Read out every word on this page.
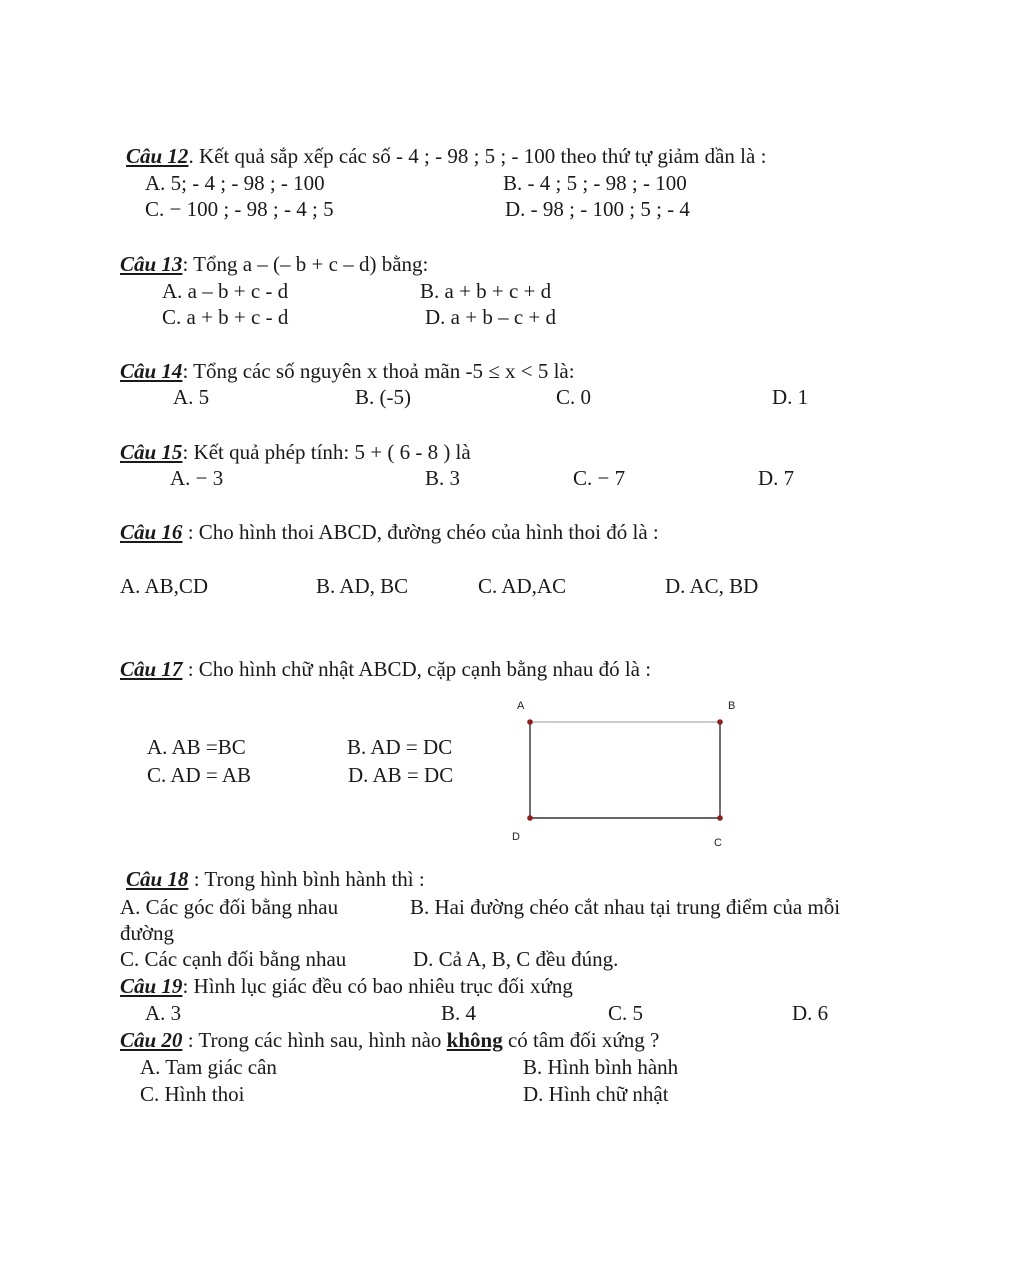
Câu 12. Kết quả sắp xếp các số - 4 ; - 98 ; 5 ; - 100 theo thứ tự giảm dần là :
A. 5; - 4 ; - 98 ; - 100	B. - 4 ; 5 ; - 98 ; - 100
C. − 100 ; - 98 ; - 4 ; 5	D. - 98 ; - 100 ; 5 ; - 4
Câu 13: Tổng a – (– b + c – d) bằng:
A. a – b + c - d	B. a + b + c + d
C. a + b + c - d	D. a + b – c + d
Câu 14: Tổng các số nguyên x thoả mãn -5 ≤ x < 5 là:
A. 5	B. (-5)	C. 0	D. 1
Câu 15: Kết quả phép tính: 5 + ( 6 - 8 ) là
A. − 3	B. 3	C. − 7	D. 7
Câu 16 : Cho hình thoi ABCD, đường chéo của hình thoi đó là :
A. AB,CD	B. AD, BC	C. AD,AC	D. AC, BD
Câu 17 : Cho hình chữ nhật ABCD, cặp cạnh bằng nhau đó là :
A. AB =BC	B. AD = DC
C. AD = AB	D. AB = DC
A	B
C
D
Câu 18 : Trong hình bình hành thì :
A. Các góc đối bằng nhau	B. Hai đường chéo cắt nhau tại trung điểm của mỗi
đường
C. Các cạnh đối bằng nhau	D. Cả A, B, C đều đúng.
Câu 19: Hình lục giác đều có bao nhiêu trục đối xứng
A. 3	B. 4	C. 5	D. 6
Câu 20 : Trong các hình sau, hình nào không có tâm đối xứng ?
A. Tam giác cân	B. Hình bình hành
C. Hình thoi	D. Hình chữ nhật
